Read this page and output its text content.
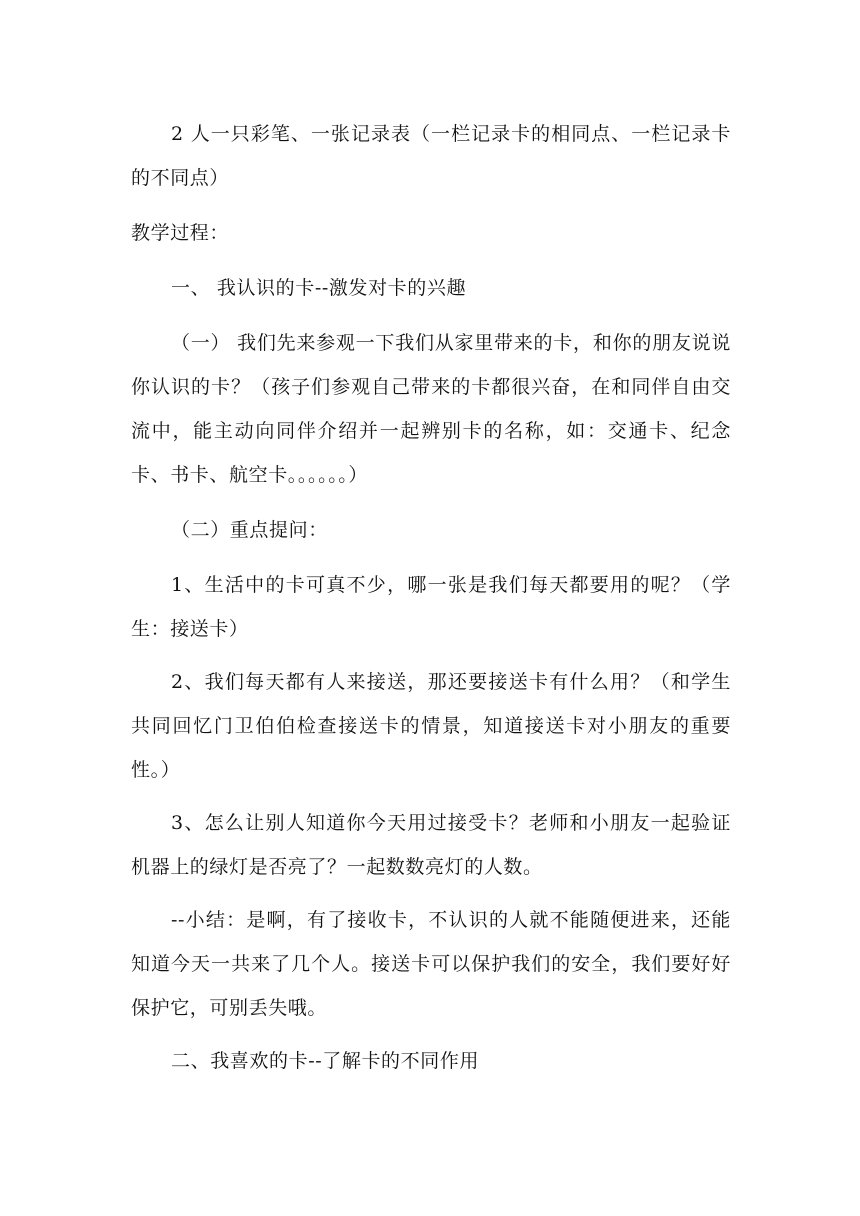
2 人一只彩笔、一张记录表（一栏记录卡的相同点、一栏记录卡的不同点）

教学过程：

一、 我认识的卡--激发对卡的兴趣

（一） 我们先来参观一下我们从家里带来的卡，和你的朋友说说你认识的卡？（孩子们参观自己带来的卡都很兴奋，在和同伴自由交流中，能主动向同伴介绍并一起辨别卡的名称，如：交通卡、纪念卡、书卡、航空卡。。。。。。）

（二）重点提问：

1、生活中的卡可真不少，哪一张是我们每天都要用的呢？（学生：接送卡）

2、我们每天都有人来接送，那还要接送卡有什么用？（和学生共同回忆门卫伯伯检查接送卡的情景，知道接送卡对小朋友的重要性。）

3、怎么让别人知道你今天用过接受卡？老师和小朋友一起验证机器上的绿灯是否亮了？一起数数亮灯的人数。

--小结：是啊，有了接收卡，不认识的人就不能随便进来，还能知道今天一共来了几个人。接送卡可以保护我们的安全，我们要好好保护它，可别丢失哦。

二、我喜欢的卡--了解卡的不同作用
